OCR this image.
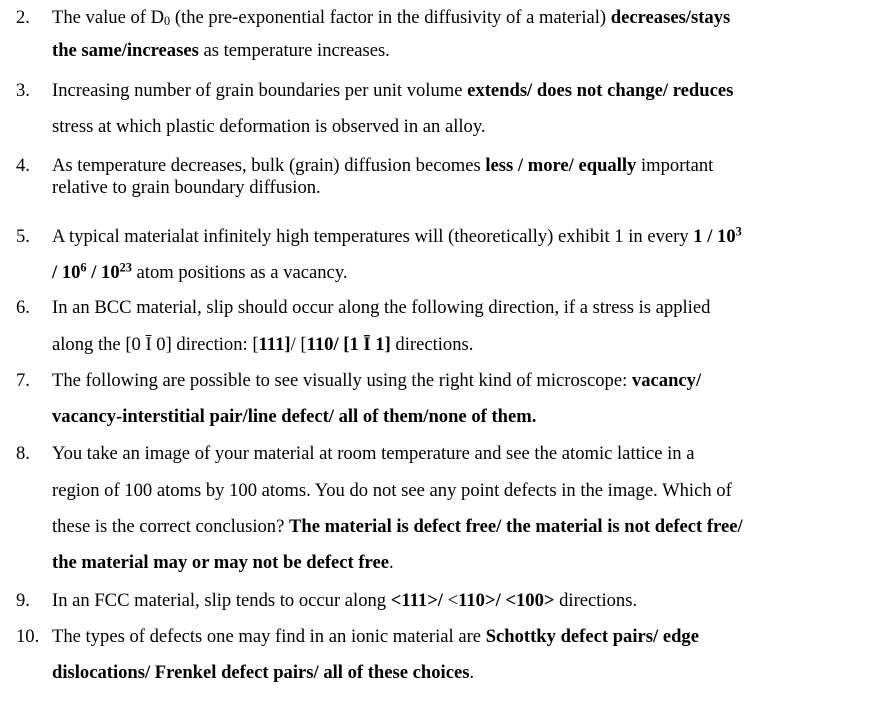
2.	The value of $D_0$ (the pre-exponential factor in the diffusivity of a material) decreases/stays
the same/increases as temperature increases.
3.	Increasing number of grain boundaries per unit volume extends/ does not change/ reduces
stress at which plastic deformation is observed in an alloy.
4.	As temperature decreases, bulk (grain) diffusion becomes less / more/ equally important
relative to grain boundary diffusion.
5.	A typical materialat infinitely high temperatures will (theoretically) exhibit 1 in every $1 / 10^3$
/ $10^6 / 10^{23}$ atom positions as a vacancy.
6.	In an BCC material, slip should occur along the following direction, if a stress is applied
along the [0 Ī 0] direction: [111]/ [110/ [1 Ī 1] directions.
7.	The following are possible to see visually using the right kind of microscope: vacancy/
vacancy-interstitial pair/line defect/ all of them/none of them.
8.	You take an image of your material at room temperature and see the atomic lattice in a
region of 100 atoms by 100 atoms. You do not see any point defects in the image. Which of
these is the correct conclusion? The material is defect free/ the material is not defect free/
the material may or may not be defect free.
9.	In an FCC material, slip tends to occur along <111>/ <110>/ <100> directions.
10. The types of defects one may find in an ionic material are Schottky defect pairs/ edge
dislocations/ Frenkel defect pairs/ all of these choices.
